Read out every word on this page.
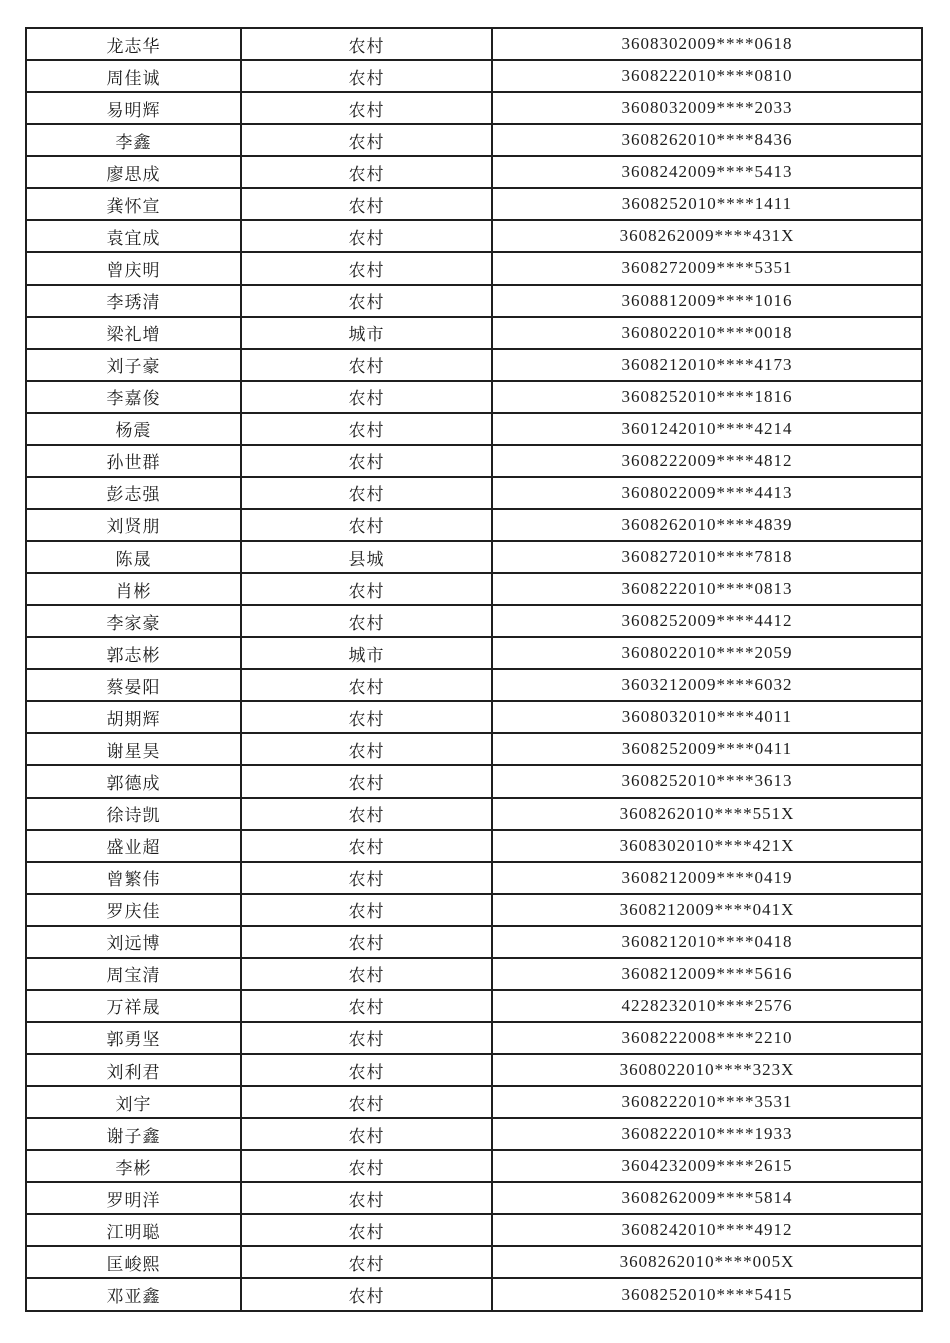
龙志华	农村	3608302009****0618
周佳诚	农村	3608222010****0810
易明辉	农村	3608032009****2033
李鑫	农村	3608262010****8436
廖思成	农村	3608242009****5413
龚怀宣	农村	3608252010****1411
袁宜成	农村	3608262009****431X
曾庆明	农村	3608272009****5351
李琇清	农村	3608812009****1016
梁礼增	城市	3608022010****0018
刘子豪	农村	3608212010****4173
李嘉俊	农村	3608252010****1816
杨震	农村	3601242010****4214
孙世群	农村	3608222009****4812
彭志强	农村	3608022009****4413
刘贤朋	农村	3608262010****4839
陈晟	县城	3608272010****7818
肖彬	农村	3608222010****0813
李家豪	农村	3608252009****4412
郭志彬	城市	3608022010****2059
蔡晏阳	农村	3603212009****6032
胡期辉	农村	3608032010****4011
谢星昊	农村	3608252009****0411
郭德成	农村	3608252010****3613
徐诗凯	农村	3608262010****551X
盛业超	农村	3608302010****421X
曾繁伟	农村	3608212009****0419
罗庆佳	农村	3608212009****041X
刘远博	农村	3608212010****0418
周宝清	农村	3608212009****5616
万祥晟	农村	4228232010****2576
郭勇坚	农村	3608222008****2210
刘利君	农村	3608022010****323X
刘宇	农村	3608222010****3531
谢子鑫	农村	3608222010****1933
李彬	农村	3604232009****2615
罗明洋	农村	3608262009****5814
江明聪	农村	3608242010****4912
匡峻熙	农村	3608262010****005X
邓亚鑫	农村	3608252010****5415
